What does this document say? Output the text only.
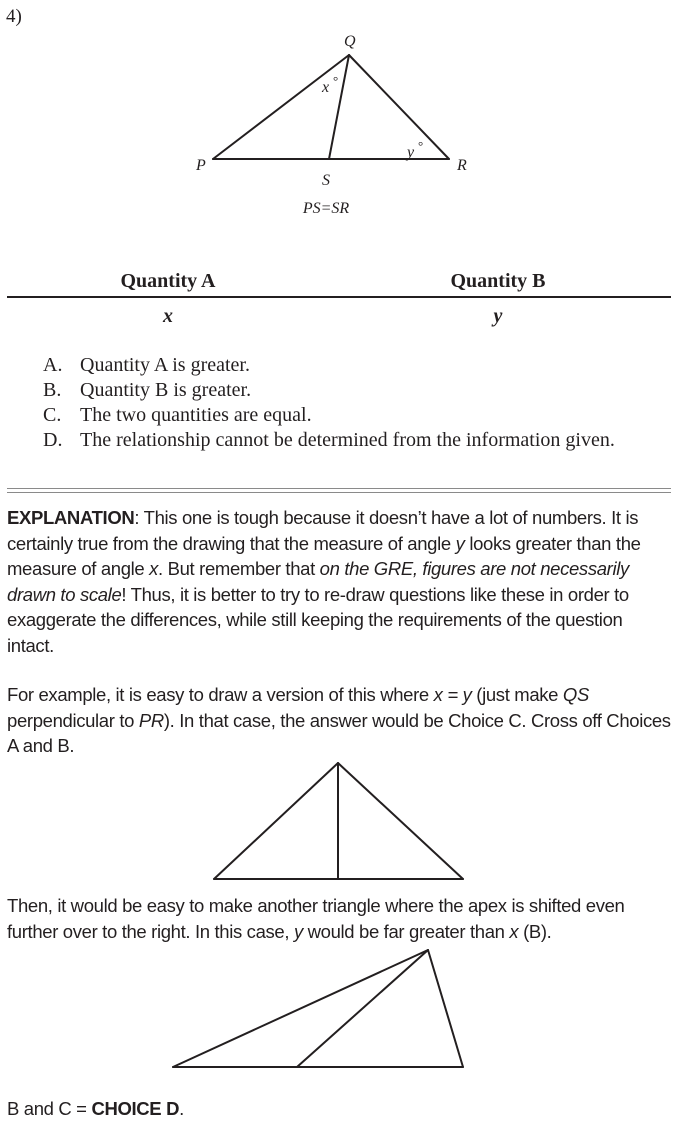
4)
Q
P	R
S
x °
y °
PS=SR
Quantity A	Quantity B
x	y
A. Quantity A is greater.
B. Quantity B is greater.
C. The two quantities are equal.
D. The relationship cannot be determined from the information given.

EXPLANATION: This one is tough because it doesn’t have a lot of numbers. It is certainly true from the drawing that the measure of angle y looks greater than the measure of angle x. But remember that on the GRE, figures are not necessarily drawn to scale! Thus, it is better to try to re-draw questions like these in order to exaggerate the differences, while still keeping the requirements of the question intact.

For example, it is easy to draw a version of this where x = y (just make QS perpendicular to PR). In that case, the answer would be Choice C. Cross off Choices A and B.

Then, it would be easy to make another triangle where the apex is shifted even further over to the right. In this case, y would be far greater than x (B).

B and C = CHOICE D.
